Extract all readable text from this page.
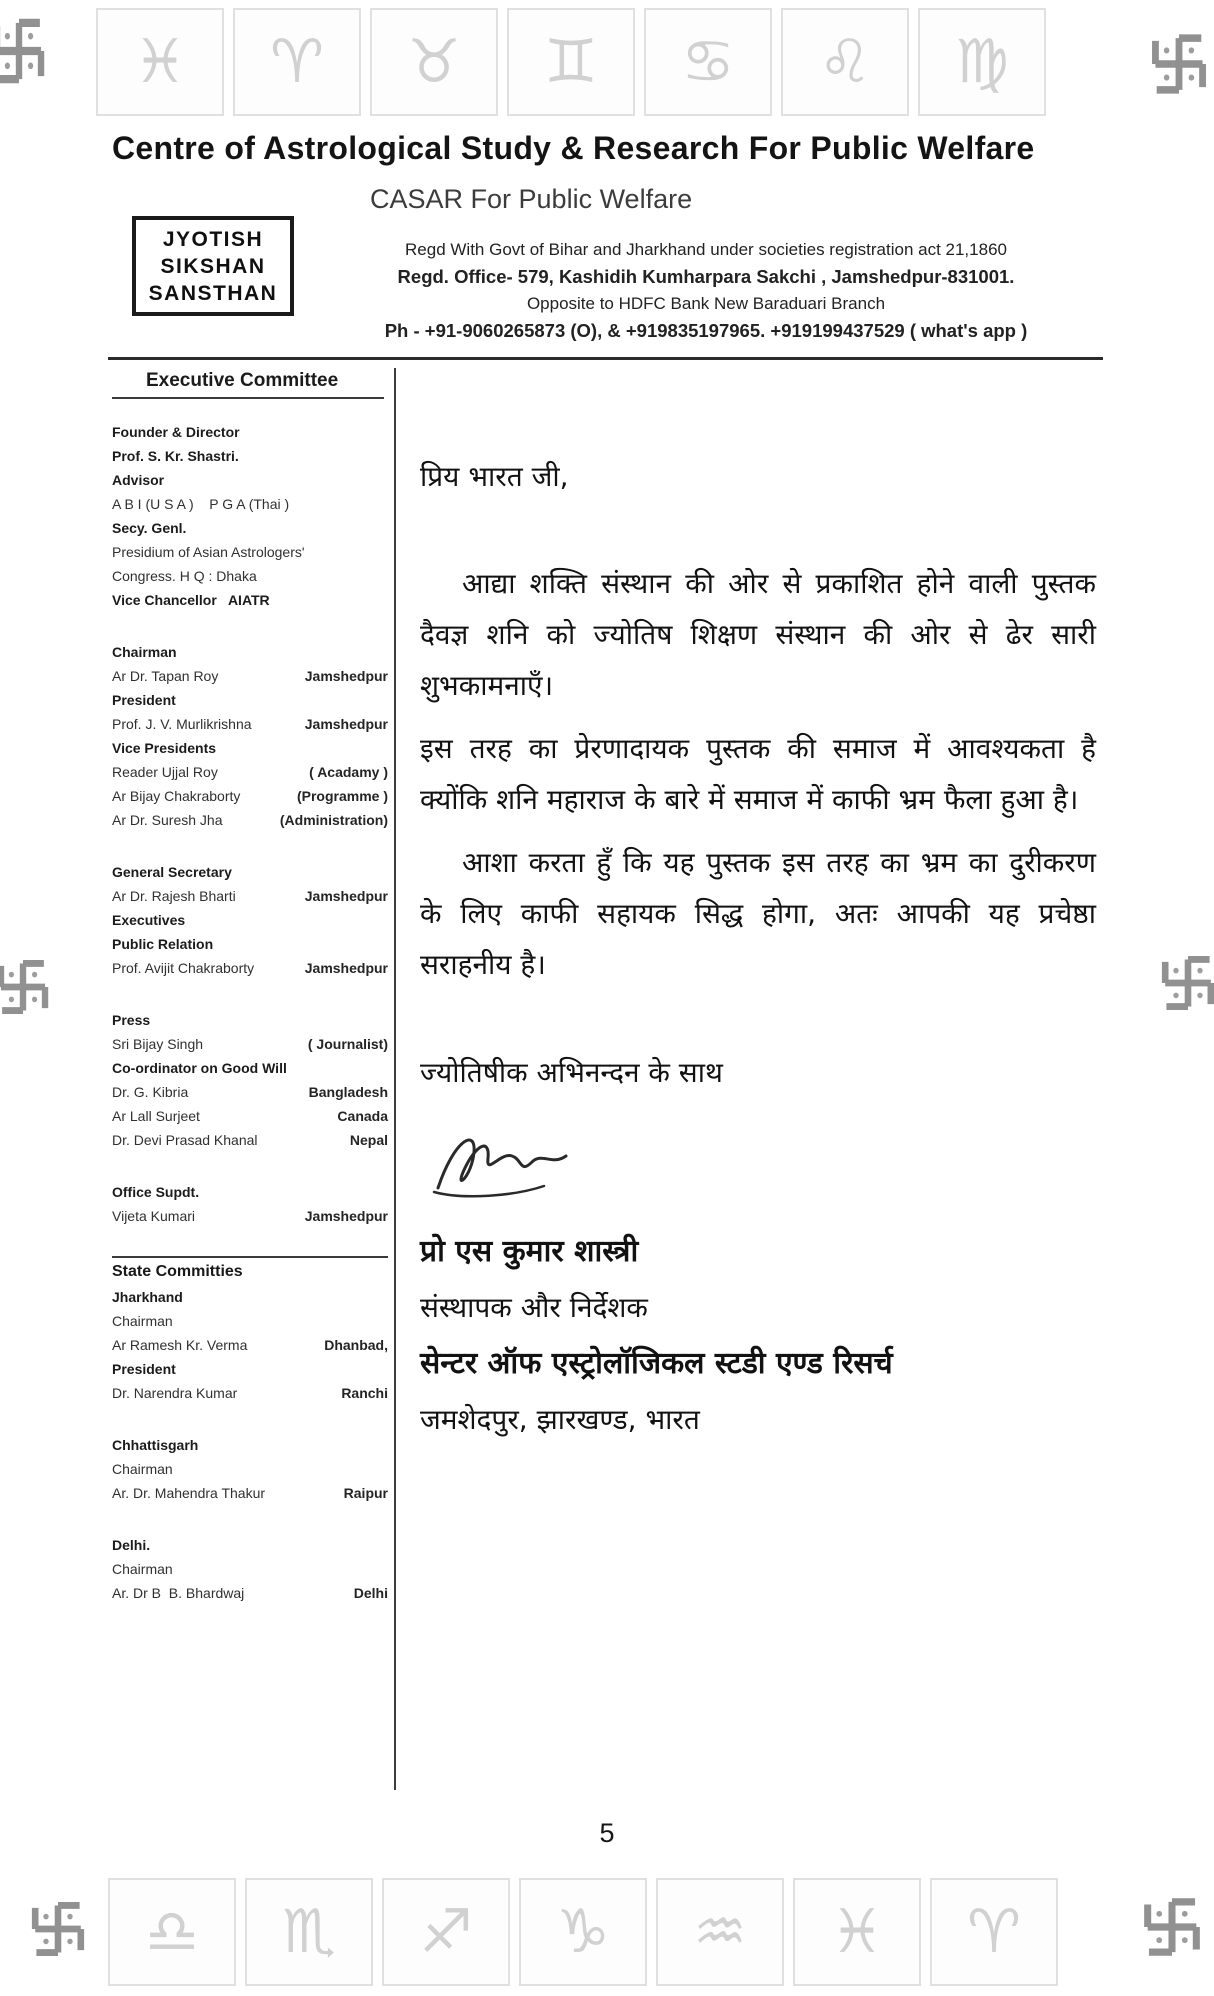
♓	♈	♉	♊	♋	♌	♍
Centre of Astrological Study & Research For Public Welfare
CASAR For Public Welfare
JYOTISH
SIKSHAN
SANSTHAN
Regd With Govt of Bihar and Jharkhand under societies registration act 21,1860
Regd. Office- 579, Kashidih Kumharpara Sakchi , Jamshedpur-831001.
Opposite to HDFC Bank New Baraduari Branch
Ph - +91-9060265873 (O), & +919835197965. +919199437529 ( what's app )
Executive Committee
Founder & Director
Prof. S. Kr. Shastri.
Advisor
A B I (U S A )    P G A (Thai )
Secy. Genl.
Presidium of Asian Astrologers'
Congress. H Q : Dhaka
Vice Chancellor   AIATR
Chairman
Ar Dr. Tapan Roy	Jamshedpur
President
Prof. J. V. Murlikrishna	Jamshedpur
Vice Presidents
Reader Ujjal Roy	( Acadamy )
Ar Bijay Chakraborty	(Programme )
Ar Dr. Suresh Jha	(Administration)
General Secretary
Ar Dr. Rajesh Bharti	Jamshedpur
Executives
Public Relation
Prof. Avijit Chakraborty	Jamshedpur
Press
Sri Bijay Singh	( Journalist)
Co-ordinator on Good Will
Dr. G. Kibria	Bangladesh
Ar Lall Surjeet	Canada
Dr. Devi Prasad Khanal	Nepal
Office Supdt.
Vijeta Kumari	Jamshedpur
State Committies
Jharkhand
Chairman
Ar Ramesh Kr. Verma	Dhanbad,
President
Dr. Narendra Kumar	Ranchi
Chhattisgarh
Chairman
Ar. Dr. Mahendra Thakur	Raipur
Delhi.
Chairman
Ar. Dr B  B. Bhardwaj	Delhi
प्रिय भारत जी,
आद्या शक्ति संस्थान की ओर से प्रकाशित होने वाली पुस्तक दैवज्ञ शनि को ज्योतिष शिक्षण संस्थान की ओर से ढेर सारी शुभकामनाएँ।
इस तरह का प्रेरणादायक पुस्तक की समाज में आवश्यकता है क्योंकि शनि महाराज के बारे में समाज में काफी भ्रम फैला हुआ है।
आशा करता हुँ कि यह पुस्तक इस तरह का भ्रम का दुरीकरण के लिए काफी सहायक सिद्ध होगा, अतः आपकी यह प्रचेष्ठा सराहनीय है।
ज्योतिषीक अभिनन्दन के साथ
प्रो एस कुमार शास्त्री
संस्थापक और निर्देशक
सेन्टर ऑफ एस्ट्रोलॉजिकल स्टडी एण्ड रिसर्च
जमशेदपुर, झारखण्ड, भारत
5
♎	♏	♐	♑	♒	♓	♈
